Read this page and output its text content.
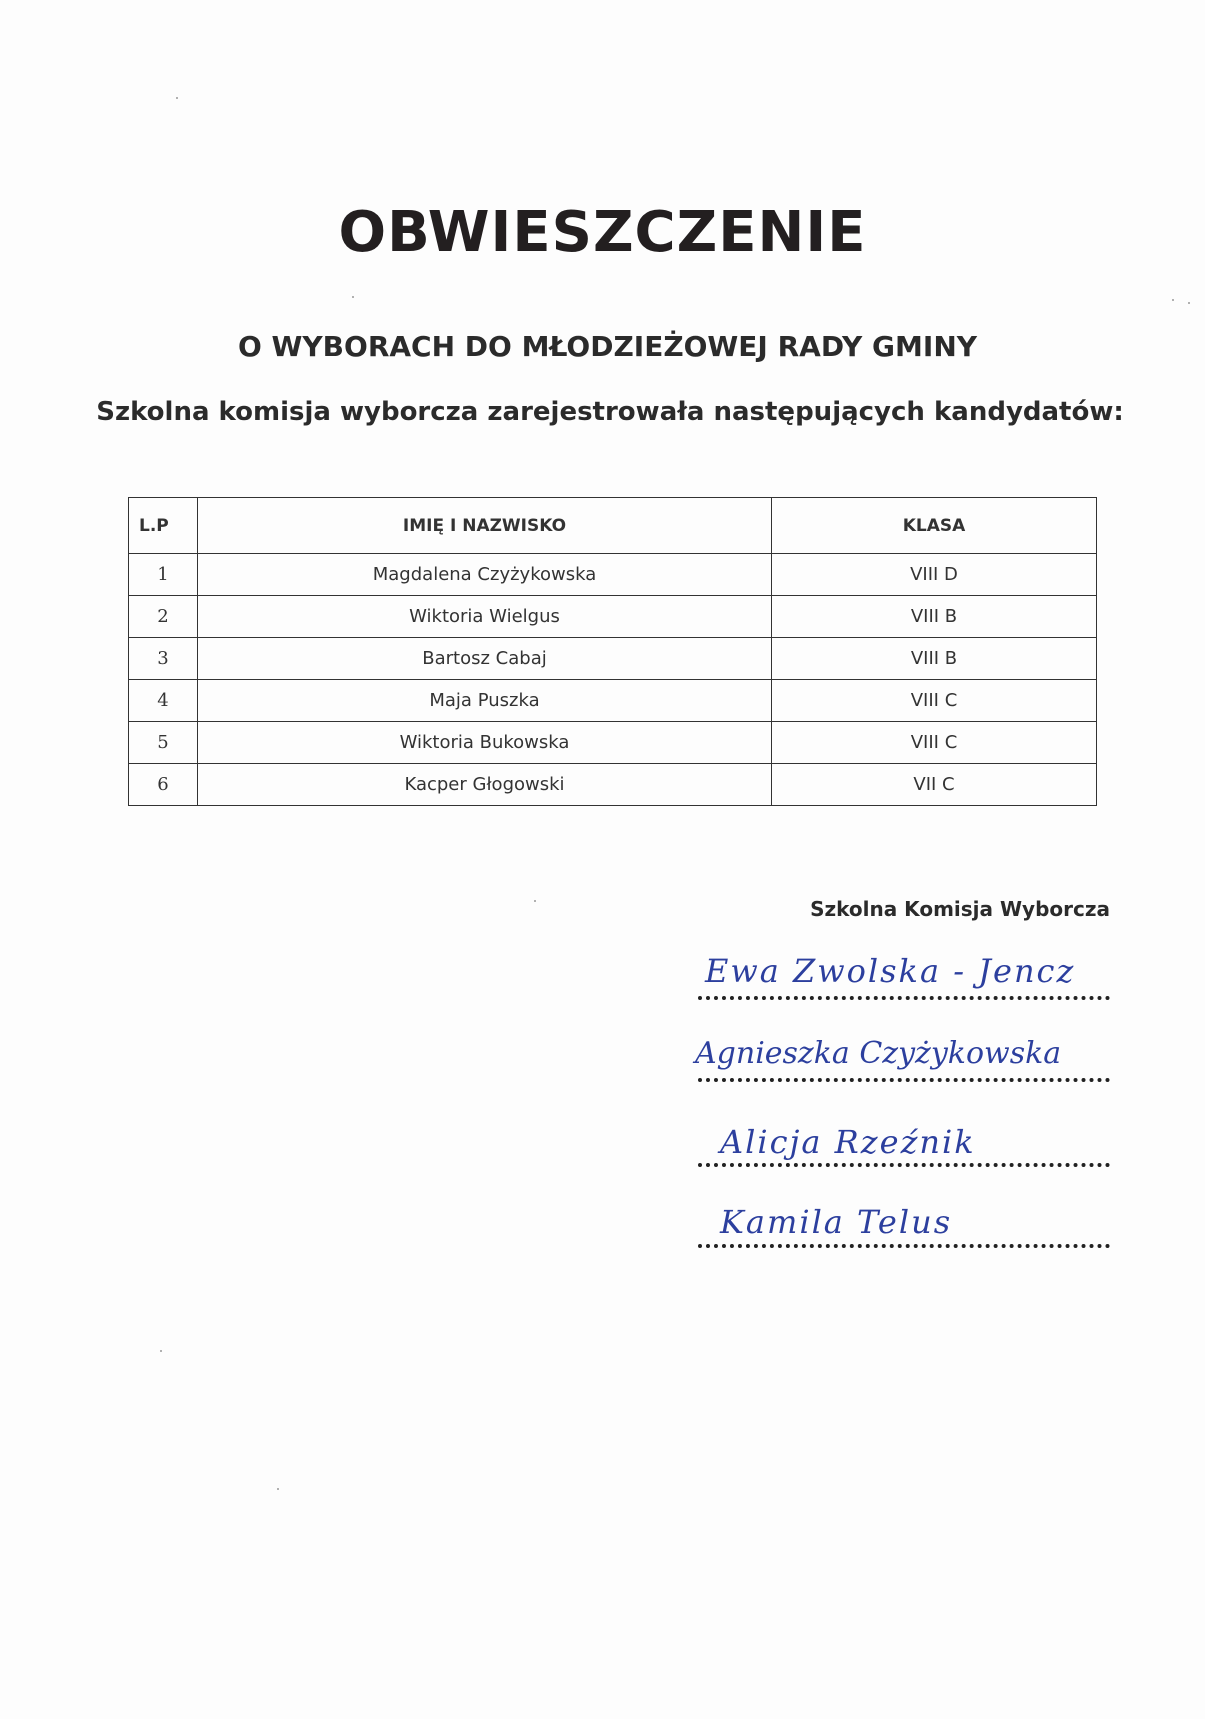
OBWIESZCZENIE
O WYBORACH DO MŁODZIEŻOWEJ RADY GMINY
Szkolna komisja wyborcza zarejestrowała następujących kandydatów:
L.P	IMIĘ I NAZWISKO	KLASA
1	Magdalena Czyżykowska	VIII D
2	Wiktoria Wielgus	VIII B
3	Bartosz Cabaj	VIII B
4	Maja Puszka	VIII C
5	Wiktoria Bukowska	VIII C
6	Kacper Głogowski	VII C
Szkolna Komisja Wyborcza
Ewa Zwolska - Jencz
Agnieszka Czyżykowska
Alicja Rzeźnik
Kamila Telus
